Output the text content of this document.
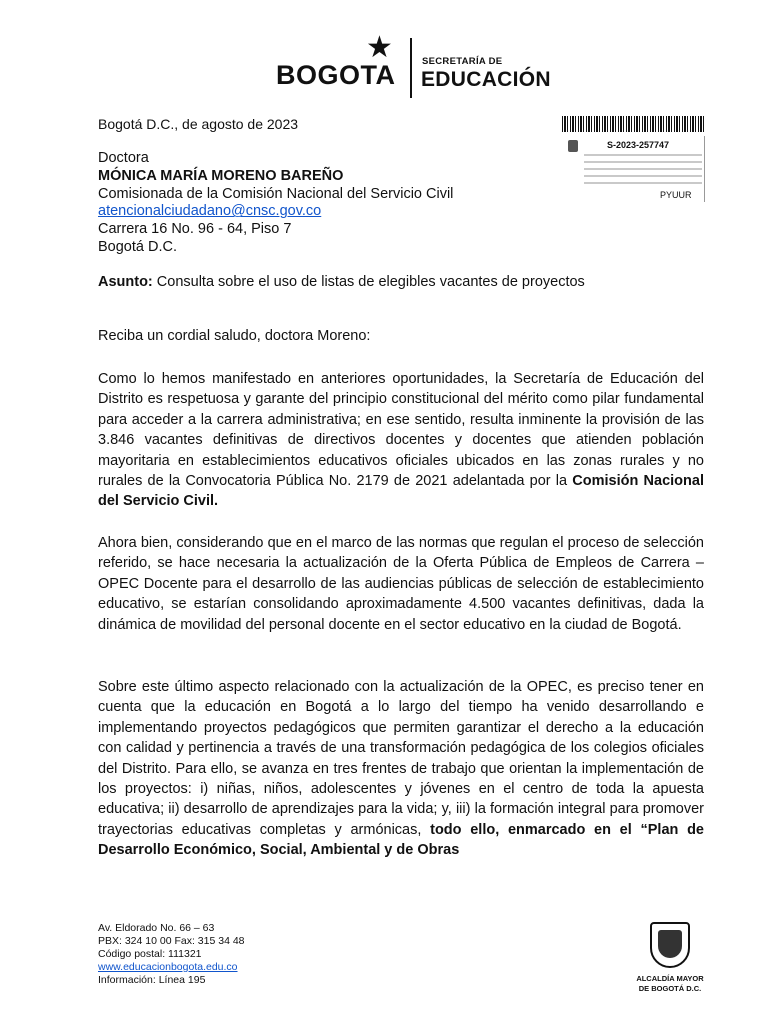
BOGOTA
★	SECRETARÍA DE
EDUCACIÓN
Bogotá D.C., de agosto de 2023
S-2023-257747
PYUUR
Doctora
MÓNICA MARÍA MORENO BAREÑO
Comisionada de la Comisión Nacional del Servicio Civil
atencionalciudadano@cnsc.gov.co
Carrera 16 No. 96 - 64, Piso 7
Bogotá D.C.
Asunto: Consulta sobre el uso de listas de elegibles vacantes de proyectos
Reciba un cordial saludo, doctora Moreno:
Como lo hemos manifestado en anteriores oportunidades, la Secretaría de Educación del Distrito es respetuosa y garante del principio constitucional del mérito como pilar fundamental para acceder a la carrera administrativa; en ese sentido, resulta inminente la provisión de las 3.846 vacantes definitivas de directivos docentes y docentes que atienden población mayoritaria en establecimientos educativos oficiales ubicados en las zonas rurales y no rurales de la Convocatoria Pública No. 2179 de 2021 adelantada por la Comisión Nacional del Servicio Civil.
Ahora bien, considerando que en el marco de las normas que regulan el proceso de selección referido, se hace necesaria la actualización de la Oferta Pública de Empleos de Carrera – OPEC Docente para el desarrollo de las audiencias públicas de selección de establecimiento educativo, se estarían consolidando aproximadamente 4.500 vacantes definitivas, dada la dinámica de movilidad del personal docente en el sector educativo en la ciudad de Bogotá.
Sobre este último aspecto relacionado con la actualización de la OPEC, es preciso tener en cuenta que la educación en Bogotá a lo largo del tiempo ha venido desarrollando e implementando proyectos pedagógicos que permiten garantizar el derecho a la educación con calidad y pertinencia a través de una transformación pedagógica de los colegios oficiales del Distrito. Para ello, se avanza en tres frentes de trabajo que orientan la implementación de los proyectos: i) niñas, niños, adolescentes y jóvenes en el centro de toda la apuesta educativa; ii) desarrollo de aprendizajes para la vida; y, iii) la formación integral para promover trayectorias educativas completas y armónicas, todo ello, enmarcado en el “Plan de Desarrollo Económico, Social, Ambiental y de Obras
Av. Eldorado No. 66 – 63
PBX: 324 10 00 Fax: 315 34 48
Código postal: 111321
www.educacionbogota.edu.co
Información: Línea 195	ALCALDÍA MAYOR
DE BOGOTÁ D.C.
